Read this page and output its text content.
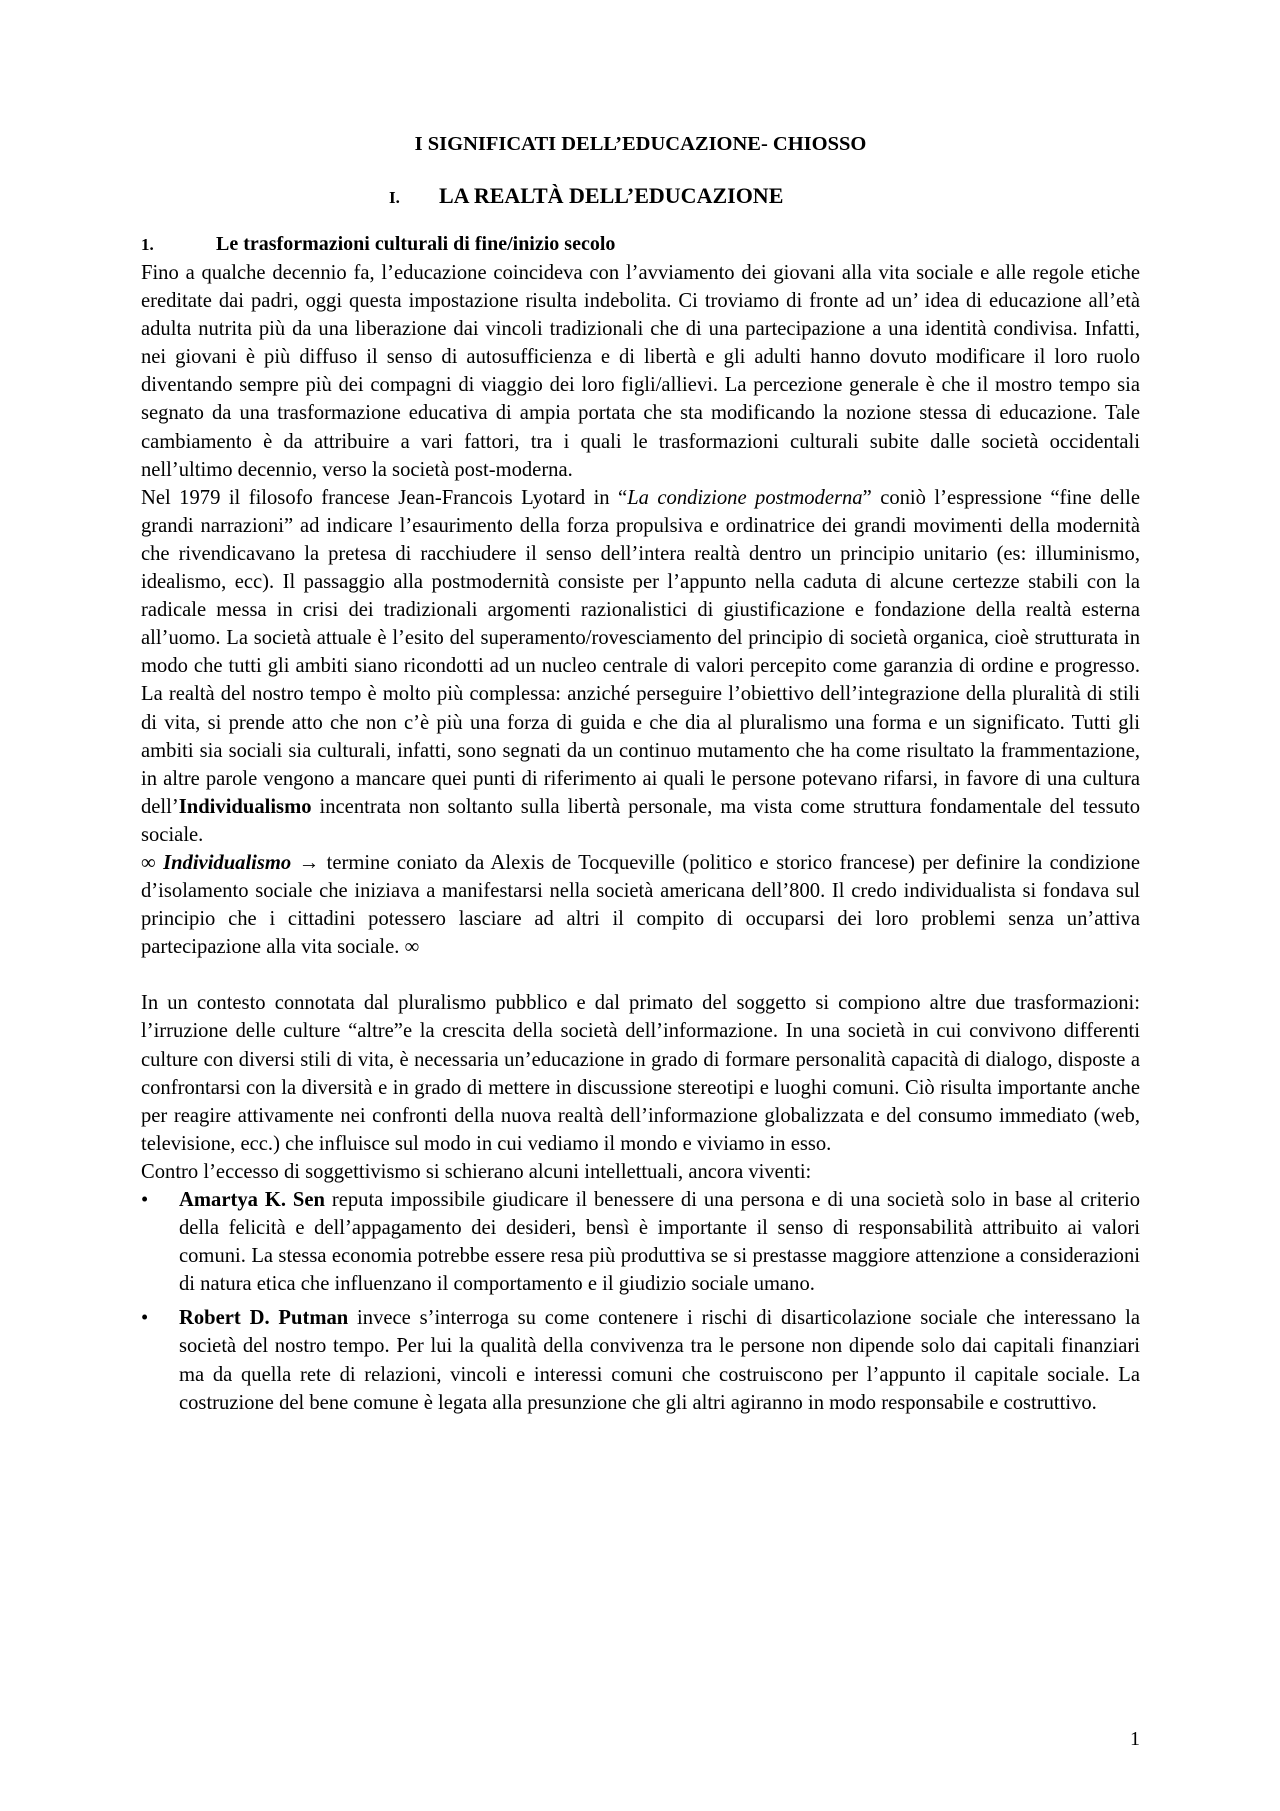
I SIGNIFICATI DELL’EDUCAZIONE- CHIOSSO
I. LA REALTÀ DELL’EDUCAZIONE
1.	Le trasformazioni culturali di fine/inizio secolo

Fino a qualche decennio fa, l’educazione coincideva con l’avviamento dei giovani alla vita sociale e alle regole etiche ereditate dai padri, oggi questa impostazione risulta indebolita. Ci troviamo di fronte ad un’ idea di educazione all’età adulta nutrita più da una liberazione dai vincoli tradizionali che di una partecipazione a una identità condivisa. Infatti, nei giovani è più diffuso il senso di autosufficienza e di libertà e gli adulti hanno dovuto modificare il loro ruolo diventando sempre più dei compagni di viaggio dei loro figli/allievi. La percezione generale è che il mostro tempo sia segnato da una trasformazione educativa di ampia portata che sta modificando la nozione stessa di educazione. Tale cambiamento è da attribuire a vari fattori, tra i quali le trasformazioni culturali subite dalle società occidentali nell’ultimo decennio, verso la società post-moderna.

Nel 1979 il filosofo francese Jean-Francois Lyotard in “La condizione postmoderna” coniò l’espressione “fine delle grandi narrazioni” ad indicare l’esaurimento della forza propulsiva e ordinatrice dei grandi movimenti della modernità che rivendicavano la pretesa di racchiudere il senso dell’intera realtà dentro un principio unitario (es: illuminismo, idealismo, ecc). Il passaggio alla postmodernità consiste per l’appunto nella caduta di alcune certezze stabili con la radicale messa in crisi dei tradizionali argomenti razionalistici di giustificazione e fondazione della realtà esterna all’uomo. La società attuale è l’esito del superamento/rovesciamento del principio di società organica, cioè strutturata in modo che tutti gli ambiti siano ricondotti ad un nucleo centrale di valori percepito come garanzia di ordine e progresso. La realtà del nostro tempo è molto più complessa: anziché perseguire l’obiettivo dell’integrazione della pluralità di stili di vita, si prende atto che non c’è più una forza di guida e che dia al pluralismo una forma e un significato. Tutti gli ambiti sia sociali sia culturali, infatti, sono segnati da un continuo mutamento che ha come risultato la frammentazione, in altre parole vengono a mancare quei punti di riferimento ai quali le persone potevano rifarsi, in favore di una cultura dell’Individualismo incentrata non soltanto sulla libertà personale, ma vista come struttura fondamentale del tessuto sociale.

∞ Individualismo → termine coniato da Alexis de Tocqueville (politico e storico francese) per definire la condizione d’isolamento sociale che iniziava a manifestarsi nella società americana dell’800. Il credo individualista si fondava sul principio che i cittadini potessero lasciare ad altri il compito di occuparsi dei loro problemi senza un’attiva partecipazione alla vita sociale. ∞

In un contesto connotata dal pluralismo pubblico e dal primato del soggetto si compiono altre due trasformazioni: l’irruzione delle culture “altre”e la crescita della società dell’informazione. In una società in cui convivono differenti culture con diversi stili di vita, è necessaria un’educazione in grado di formare personalità capacità di dialogo, disposte a confrontarsi con la diversità e in grado di mettere in discussione stereotipi e luoghi comuni. Ciò risulta importante anche per reagire attivamente nei confronti della nuova realtà dell’informazione globalizzata e del consumo immediato (web, televisione, ecc.) che influisce sul modo in cui vediamo il mondo e viviamo in esso.

Contro l’eccesso di soggettivismo si schierano alcuni intellettuali, ancora viventi:

•	Amartya K. Sen reputa impossibile giudicare il benessere di una persona e di una società solo in base al criterio della felicità e dell’appagamento dei desideri, bensì è importante il senso di responsabilità attribuito ai valori comuni. La stessa economia potrebbe essere resa più produttiva se si prestasse maggiore attenzione a considerazioni di natura etica che influenzano il comportamento e il giudizio sociale umano.
•	Robert D. Putman invece s’interroga su come contenere i rischi di disarticolazione sociale che interessano la società del nostro tempo. Per lui la qualità della convivenza tra le persone non dipende solo dai capitali finanziari ma da quella rete di relazioni, vincoli e interessi comuni che costruiscono per l’appunto il capitale sociale. La costruzione del bene comune è legata alla presunzione che gli altri agiranno in modo responsabile e costruttivo.
1
